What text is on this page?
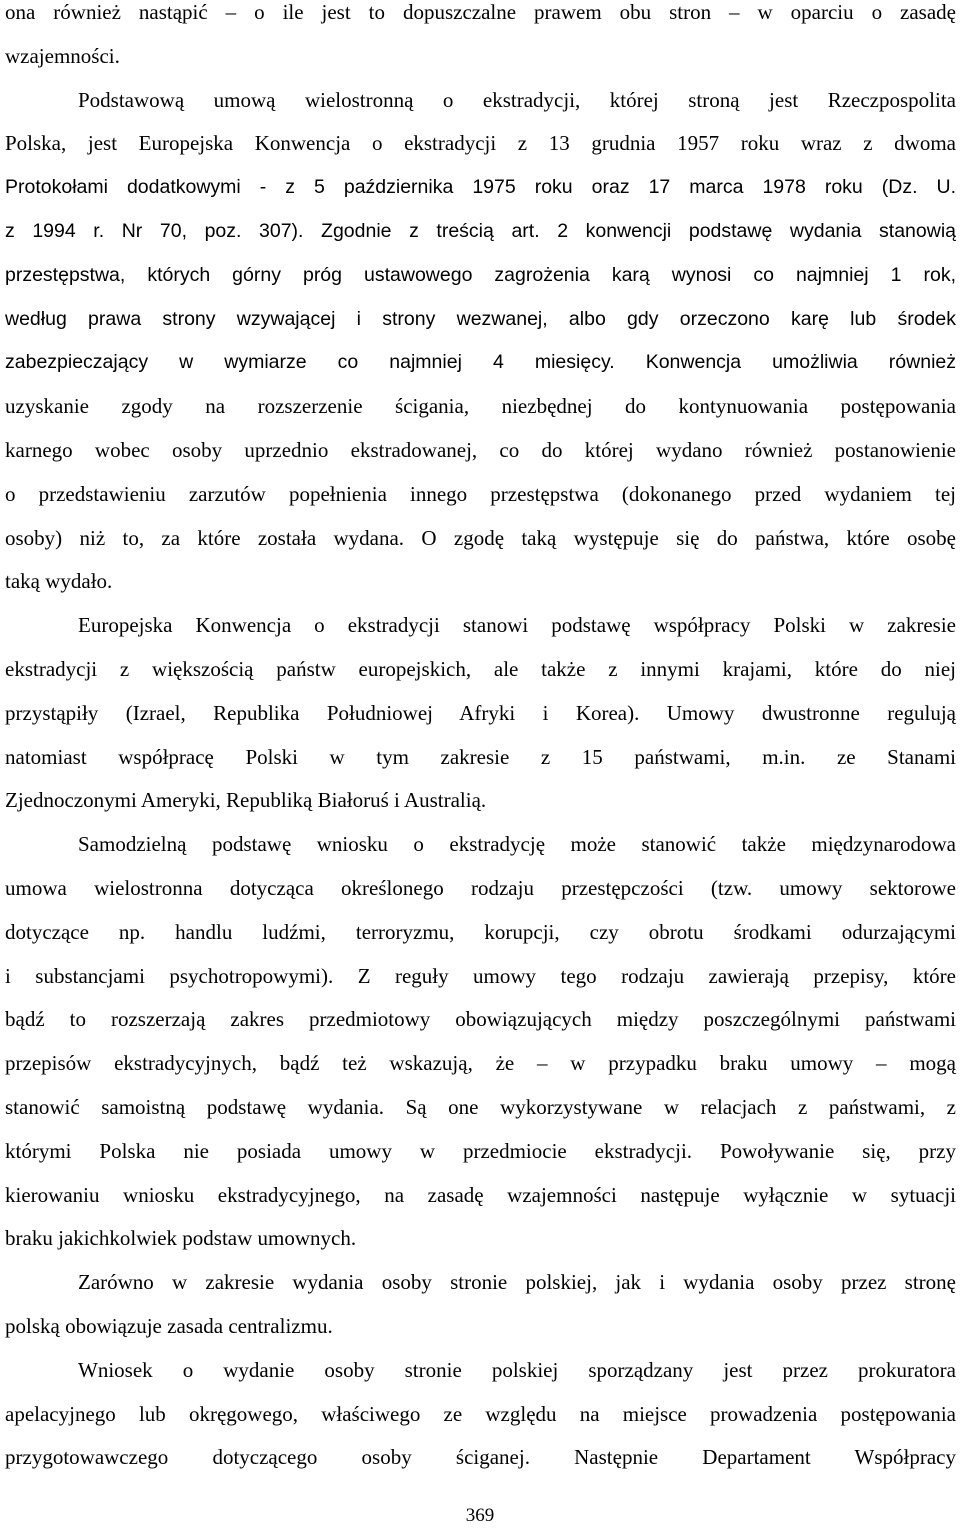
ona również nastąpić – o ile jest to dopuszczalne prawem obu stron – w oparciu o zasadę
wzajemności.
Podstawową umową wielostronną o ekstradycji, której stroną jest Rzeczpospolita
Polska, jest Europejska Konwencja o ekstradycji z 13 grudnia 1957 roku wraz z dwoma
Protokołami dodatkowymi - z 5 października 1975 roku oraz 17 marca 1978 roku (Dz. U.
z 1994 r. Nr 70, poz. 307). Zgodnie z treścią art. 2 konwencji podstawę wydania stanowią
przestępstwa, których górny próg ustawowego zagrożenia karą wynosi co najmniej 1 rok,
według prawa strony wzywającej i strony wezwanej, albo gdy orzeczono karę lub środek
zabezpieczający w wymiarze co najmniej 4 miesięcy. Konwencja umożliwia również
uzyskanie zgody na rozszerzenie ścigania, niezbędnej do kontynuowania postępowania
karnego wobec osoby uprzednio ekstradowanej, co do której wydano również postanowienie
o przedstawieniu zarzutów popełnienia innego przestępstwa (dokonanego przed wydaniem tej
osoby) niż to, za które została wydana. O zgodę taką występuje się do państwa, które osobę
taką wydało.
Europejska Konwencja o ekstradycji stanowi podstawę współpracy Polski w zakresie
ekstradycji z większością państw europejskich, ale także z innymi krajami, które do niej
przystąpiły (Izrael, Republika Południowej Afryki i Korea). Umowy dwustronne regulują
natomiast współpracę Polski w tym zakresie z 15 państwami, m.in. ze Stanami
Zjednoczonymi Ameryki, Republiką Białoruś i Australią.
Samodzielną podstawę wniosku o ekstradycję może stanowić także międzynarodowa
umowa wielostronna dotycząca określonego rodzaju przestępczości (tzw. umowy sektorowe
dotyczące np. handlu ludźmi, terroryzmu, korupcji, czy obrotu środkami odurzającymi
i substancjami psychotropowymi). Z reguły umowy tego rodzaju zawierają przepisy, które
bądź to rozszerzają zakres przedmiotowy obowiązujących między poszczególnymi państwami
przepisów ekstradycyjnych, bądź też wskazują, że – w przypadku braku umowy – mogą
stanowić samoistną podstawę wydania. Są one wykorzystywane w relacjach z państwami, z
którymi Polska nie posiada umowy w przedmiocie ekstradycji. Powoływanie się, przy
kierowaniu wniosku ekstradycyjnego, na zasadę wzajemności następuje wyłącznie w sytuacji
braku jakichkolwiek podstaw umownych.
Zarówno w zakresie wydania osoby stronie polskiej, jak i wydania osoby przez stronę
polską obowiązuje zasada centralizmu.
Wniosek o wydanie osoby stronie polskiej sporządzany jest przez prokuratora
apelacyjnego lub okręgowego, właściwego ze względu na miejsce prowadzenia postępowania
przygotowawczego dotyczącego osoby ściganej. Następnie Departament Współpracy
369
